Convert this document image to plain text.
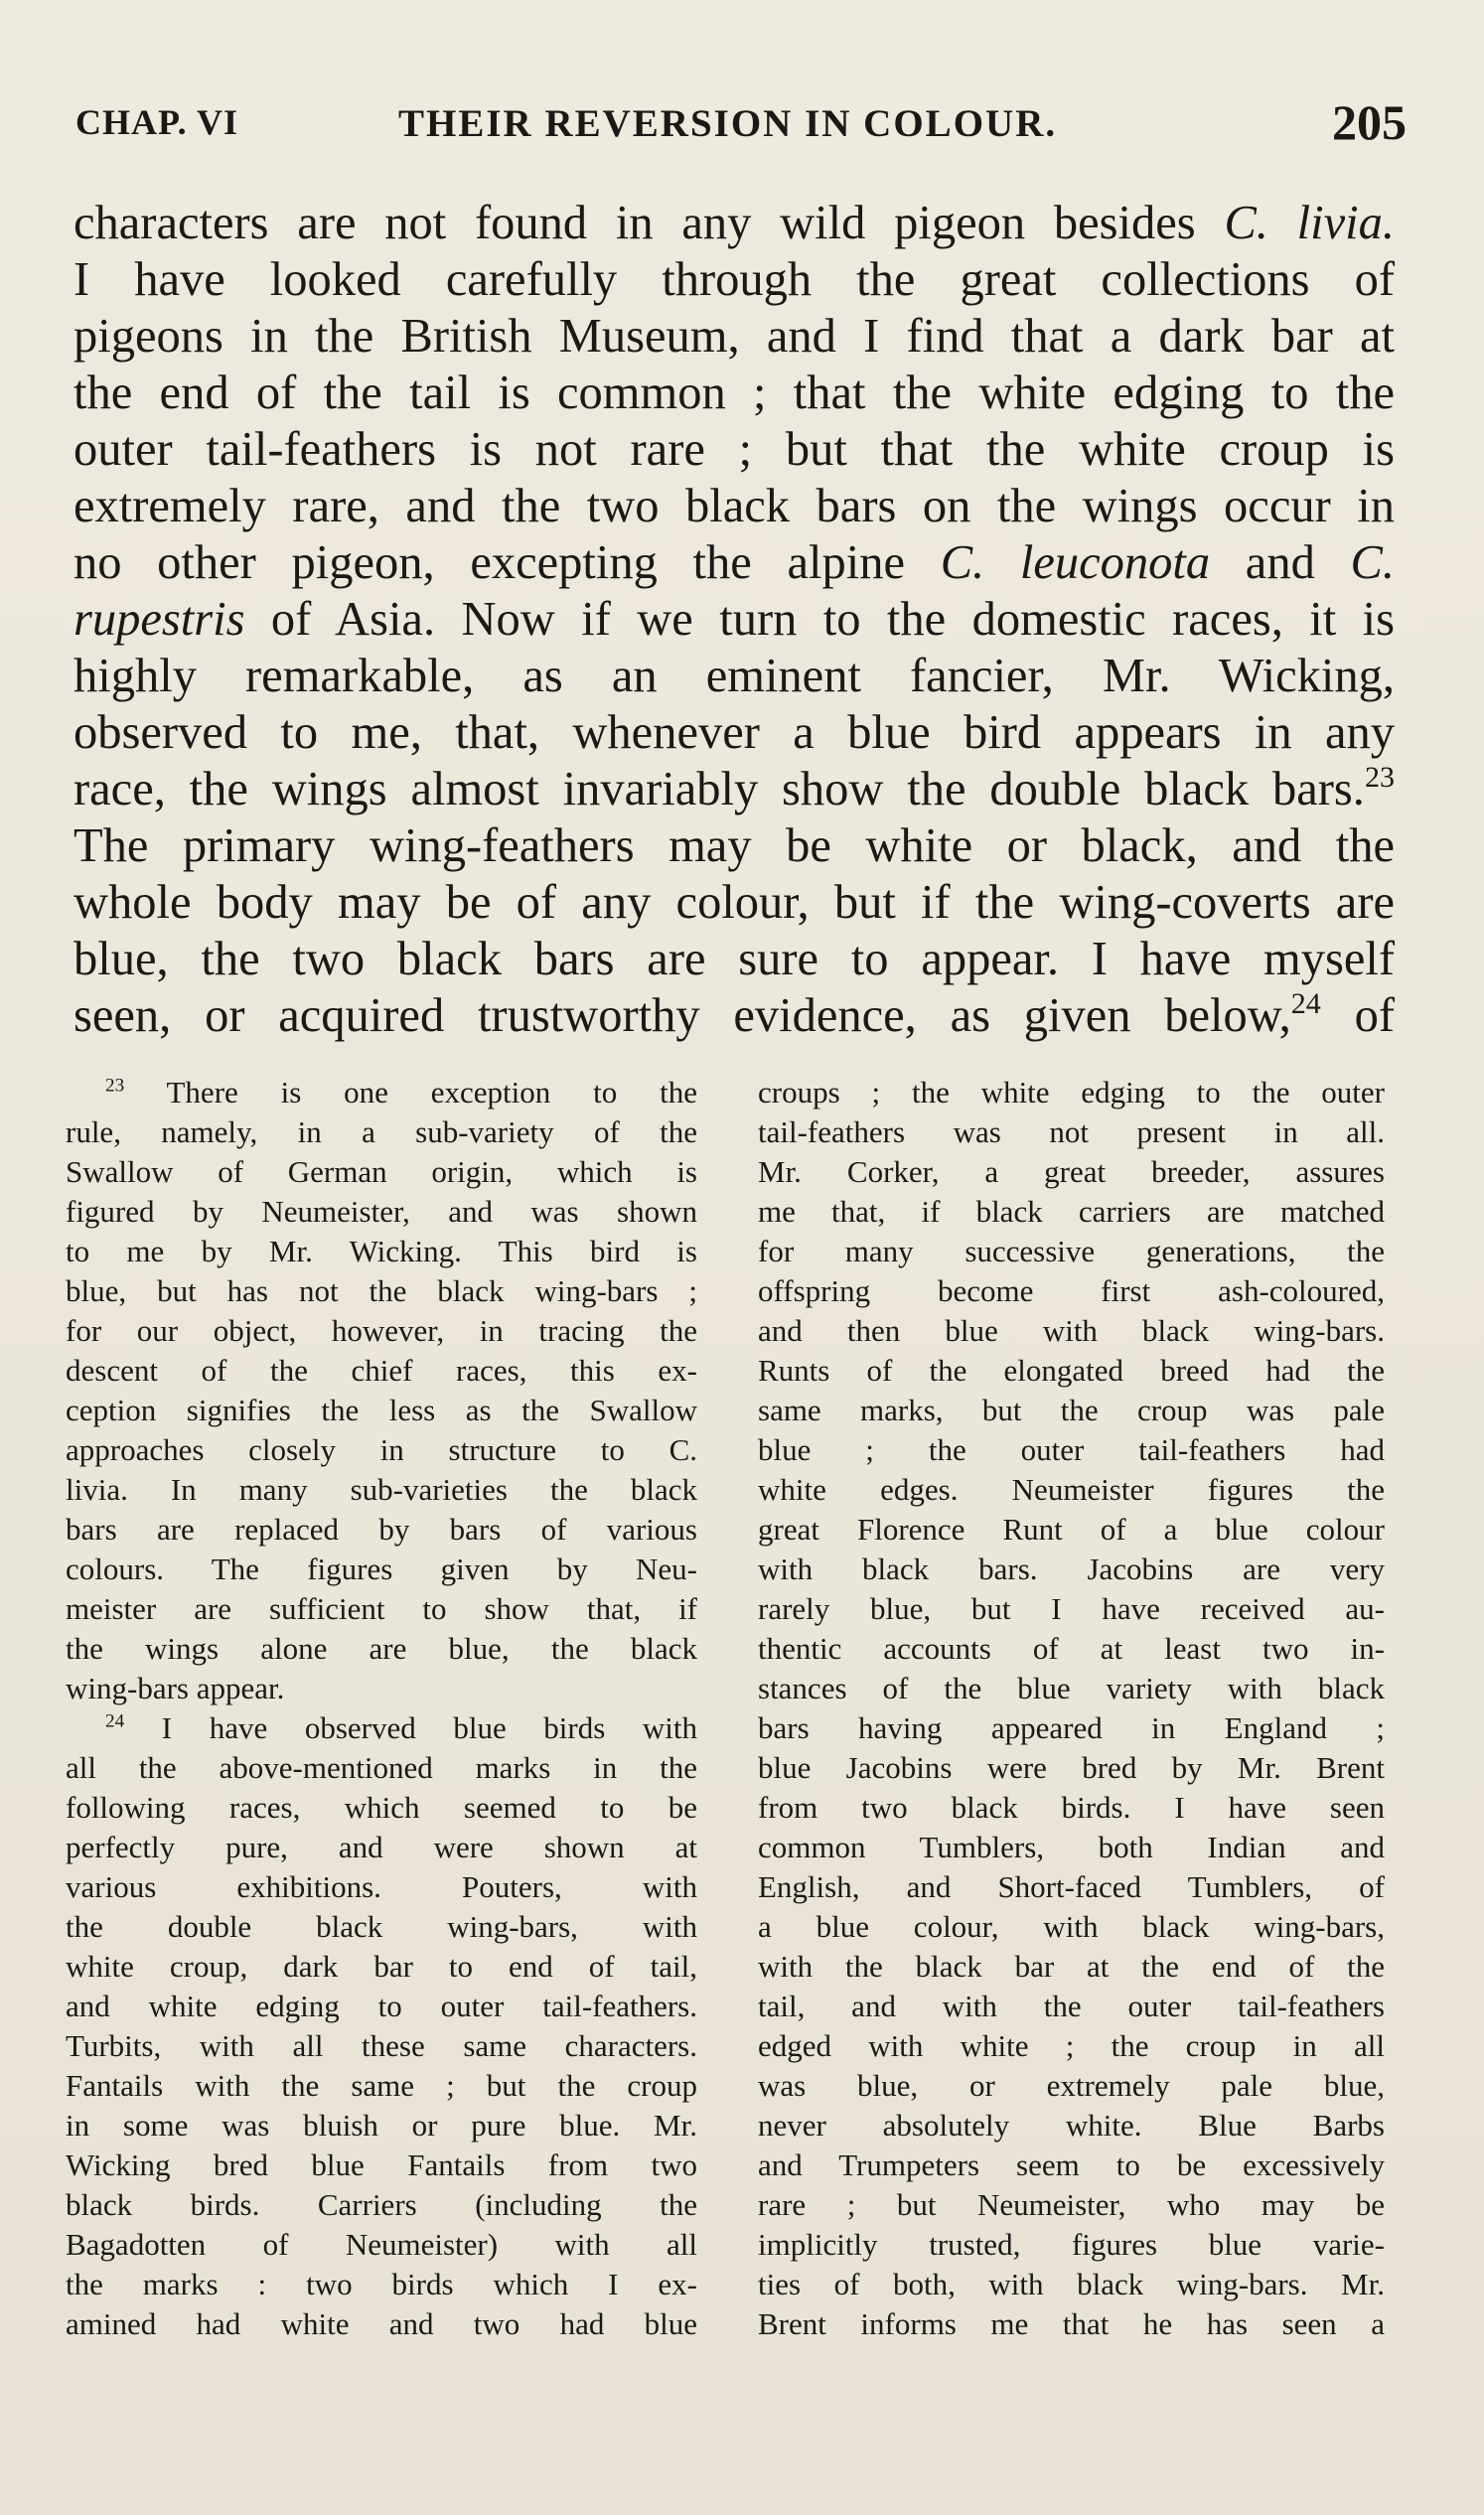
CHAP. VI	THEIR REVERSION IN COLOUR.	205
characters are not found in any wild pigeon besides C. livia.
I have looked carefully through the great collections of
pigeons in the British Museum, and I find that a dark bar at
the end of the tail is common ; that the white edging to the
outer tail-feathers is not rare ; but that the white croup is
extremely rare, and the two black bars on the wings occur in
no other pigeon, excepting the alpine C. leuconota and C.
rupestris of Asia. Now if we turn to the domestic races, it is
highly remarkable, as an eminent fancier, Mr. Wicking,
observed to me, that, whenever a blue bird appears in any
race, the wings almost invariably show the double black bars.$^{23}$
The primary wing-feathers may be white or black, and the
whole body may be of any colour, but if the wing-coverts are
blue, the two black bars are sure to appear. I have myself
seen, or acquired trustworthy evidence, as given below,$^{24}$ of
$^{23}$ There is one exception to the
rule, namely, in a sub-variety of the
Swallow of German origin, which is
figured by Neumeister, and was shown
to me by Mr. Wicking. This bird is
blue, but has not the black wing-bars ;
for our object, however, in tracing the
descent of the chief races, this ex-
ception signifies the less as the Swallow
approaches closely in structure to C.
livia. In many sub-varieties the black
bars are replaced by bars of various
colours. The figures given by Neu-
meister are sufficient to show that, if
the wings alone are blue, the black
wing-bars appear.
$^{24}$ I have observed blue birds with
all the above-mentioned marks in the
following races, which seemed to be
perfectly pure, and were shown at
various exhibitions. Pouters, with
the double black wing-bars, with
white croup, dark bar to end of tail,
and white edging to outer tail-feathers.
Turbits, with all these same characters.
Fantails with the same ; but the croup
in some was bluish or pure blue. Mr.
Wicking bred blue Fantails from two
black birds. Carriers (including the
Bagadotten of Neumeister) with all
the marks : two birds which I ex-
amined had white and two had blue
croups ; the white edging to the outer
tail-feathers was not present in all.
Mr. Corker, a great breeder, assures
me that, if black carriers are matched
for many successive generations, the
offspring become first ash-coloured,
and then blue with black wing-bars.
Runts of the elongated breed had the
same marks, but the croup was pale
blue ; the outer tail-feathers had
white edges. Neumeister figures the
great Florence Runt of a blue colour
with black bars. Jacobins are very
rarely blue, but I have received au-
thentic accounts of at least two in-
stances of the blue variety with black
bars having appeared in England ;
blue Jacobins were bred by Mr. Brent
from two black birds. I have seen
common Tumblers, both Indian and
English, and Short-faced Tumblers, of
a blue colour, with black wing-bars,
with the black bar at the end of the
tail, and with the outer tail-feathers
edged with white ; the croup in all
was blue, or extremely pale blue,
never absolutely white. Blue Barbs
and Trumpeters seem to be excessively
rare ; but Neumeister, who may be
implicitly trusted, figures blue varie-
ties of both, with black wing-bars. Mr.
Brent informs me that he has seen a
